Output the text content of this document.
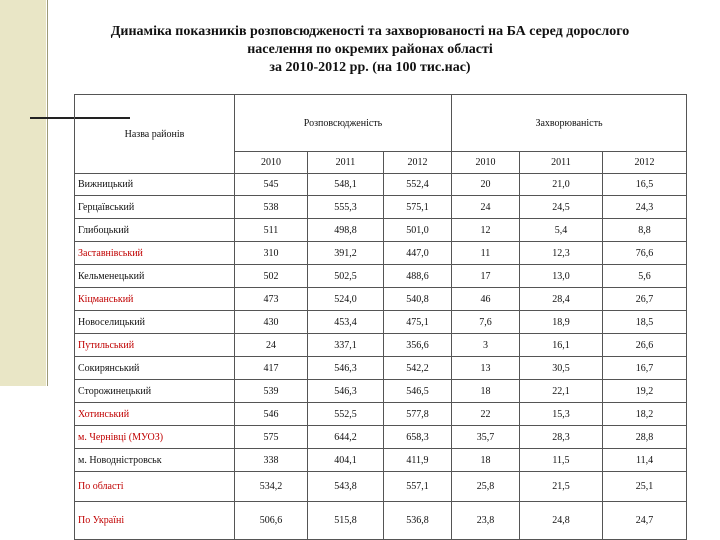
Динаміка показників розповсюдженості та захворюваності на БА серед дорослого
населення по окремих районах області
за 2010-2012 рр. (на 100 тис.нас)
Назва районів	Розповсюдженість			Захворюваність		
	2010	2011	2012	2010	2011	2012
Вижницький	545	548,1	552,4	20	21,0	16,5
Герцаївський	538	555,3	575,1	24	24,5	24,3
Глибоцький	511	498,8	501,0	12	5,4	8,8
Заставнівський	310	391,2	447,0	11	12,3	76,6
Кельменецький	502	502,5	488,6	17	13,0	5,6
Кіцманський	473	524,0	540,8	46	28,4	26,7
Новоселицький	430	453,4	475,1	7,6	18,9	18,5
Путильський	24	337,1	356,6	3	16,1	26,6
Сокирянський	417	546,3	542,2	13	30,5	16,7
Сторожинецький	539	546,3	546,5	18	22,1	19,2
Хотинський	546	552,5	577,8	22	15,3	18,2
м. Чернівці (МУОЗ)	575	644,2	658,3	35,7	28,3	28,8
м. Новодністровськ	338	404,1	411,9	18	11,5	11,4
По області	534,2	543,8	557,1	25,8	21,5	25,1
По Україні	506,6	515,8	536,8	23,8	24,8	24,7
